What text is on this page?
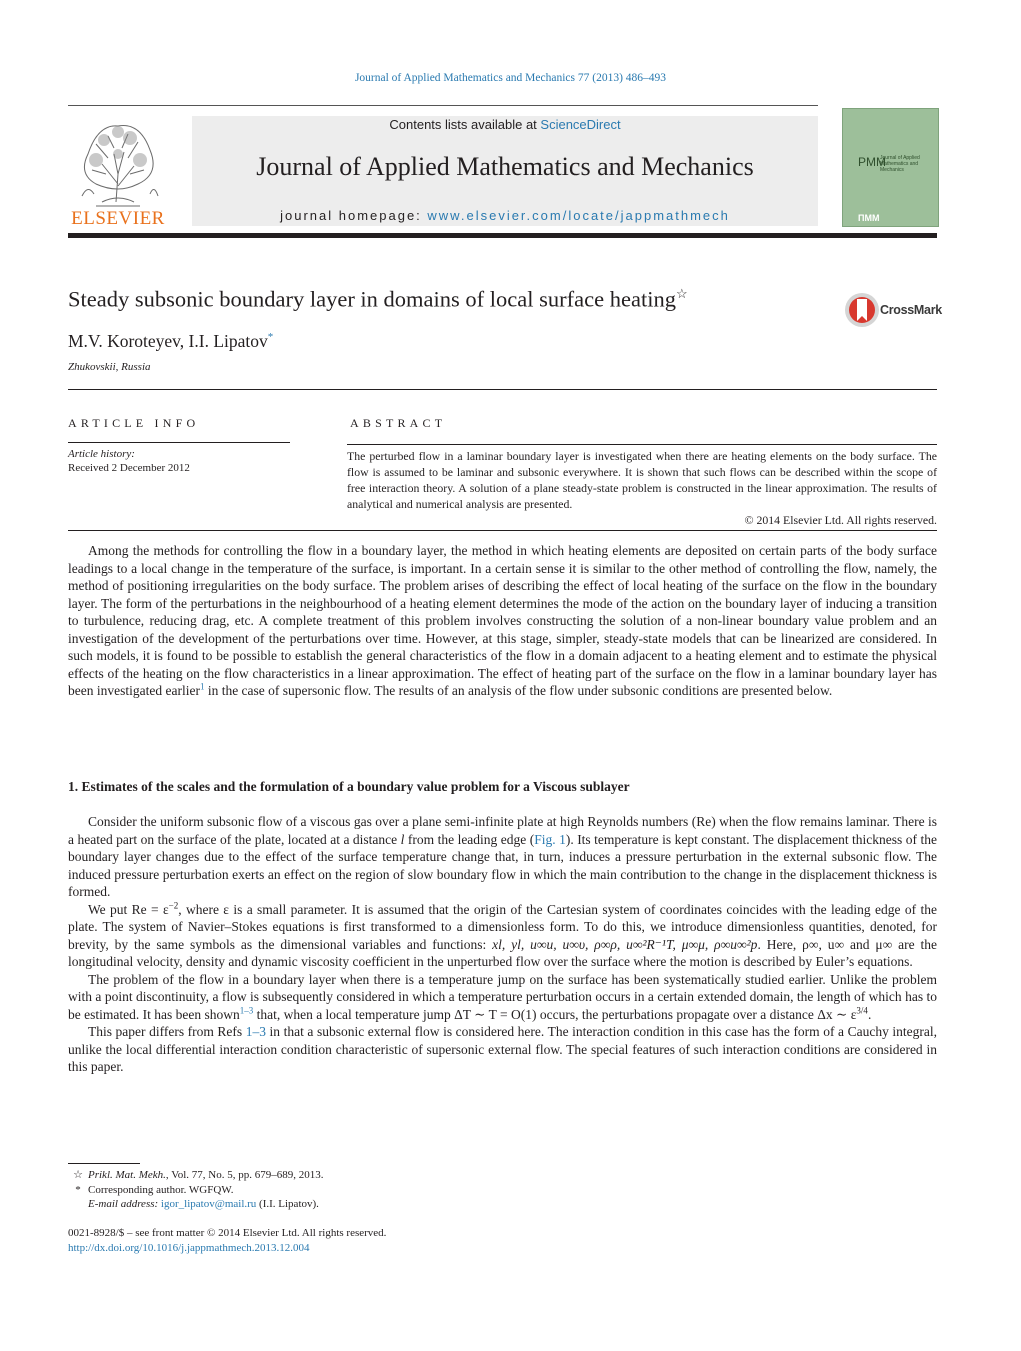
Journal of Applied Mathematics and Mechanics 77 (2013) 486–493
ELSEVIER
Contents lists available at ScienceDirect
Journal of Applied Mathematics and Mechanics
journal homepage: www.elsevier.com/locate/jappmathmech
PMM
Journal of Applied Mathematics and Mechanics
ПММ
Steady subsonic boundary layer in domains of local surface heating☆
CrossMark
M.V. Koroteyev, I.I. Lipatov*
Zhukovskii, Russia
ARTICLE INFO	ABSTRACT
Article history:
Received 2 December 2012

The perturbed flow in a laminar boundary layer is investigated when there are heating elements on the body surface. The flow is assumed to be laminar and subsonic everywhere. It is shown that such flows can be described within the scope of free interaction theory. A solution of a plane steady-state problem is constructed in the linear approximation. The results of analytical and numerical analysis are presented.

© 2014 Elsevier Ltd. All rights reserved.

Among the methods for controlling the flow in a boundary layer, the method in which heating elements are deposited on certain parts of the body surface leadings to a local change in the temperature of the surface, is important. In a certain sense it is similar to the other method of controlling the flow, namely, the method of positioning irregularities on the body surface. The problem arises of describing the effect of local heating of the surface on the flow in the boundary layer. The form of the perturbations in the neighbourhood of a heating element determines the mode of the action on the boundary layer of inducing a transition to turbulence, reducing drag, etc. A complete treatment of this problem involves constructing the solution of a non-linear boundary value problem and an investigation of the development of the perturbations over time. However, at this stage, simpler, steady-state models that can be linearized are considered. In such models, it is found to be possible to establish the general characteristics of the flow in a domain adjacent to a heating element and to estimate the physical effects of the heating on the flow characteristics in a linear approximation. The effect of heating part of the surface on the flow in a laminar boundary layer has been investigated earlier$^1$ in the case of supersonic flow. The results of an analysis of the flow under subsonic conditions are presented below.

1. Estimates of the scales and the formulation of a boundary value problem for a Viscous sublayer

Consider the uniform subsonic flow of a viscous gas over a plane semi-infinite plate at high Reynolds numbers (Re) when the flow remains laminar. There is a heated part on the surface of the plate, located at a distance l from the leading edge (Fig. 1). Its temperature is kept constant. The displacement thickness of the boundary layer changes due to the effect of the surface temperature change that, in turn, induces a pressure perturbation in the external subsonic flow. The induced pressure perturbation exerts an effect on the region of slow boundary flow in which the main contribution to the change in the displacement thickness is formed.

We put $Re = \varepsilon^{-2}$, where ε is a small parameter. It is assumed that the origin of the Cartesian system of coordinates coincides with the leading edge of the plate. The system of Navier–Stokes equations is first transformed to a dimensionless form. To do this, we introduce dimensionless quantities, denoted, for brevity, by the same symbols as the dimensional variables and functions: xl, yl, u∞u, u∞υ, ρ∞ρ, u∞²R⁻¹T, μ∞μ, ρ∞u∞²p. Here, ρ∞, u∞ and μ∞ are the longitudinal velocity, density and dynamic viscosity coefficient in the unperturbed flow over the surface where the motion is described by Euler’s equations.

The problem of the flow in a boundary layer when there is a temperature jump on the surface has been systematically studied earlier. Unlike the problem with a point discontinuity, a flow is subsequently considered in which a temperature perturbation occurs in a certain extended domain, the length of which has to be estimated. It has been shown$^{1-3}$ that, when a local temperature jump ΔT ∼ T = O(1) occurs, the perturbations propagate over a distance Δx ∼ $\varepsilon^{3/4}$.

This paper differs from Refs 1–3 in that a subsonic external flow is considered here. The interaction condition in this case has the form of a Cauchy integral, unlike the local differential interaction condition characteristic of supersonic external flow. The special features of such interaction conditions are considered in this paper.

☆ Prikl. Mat. Mekh., Vol. 77, No. 5, pp. 679–689, 2013.
* Corresponding author. WGFQW.
E-mail address: igor_lipatov@mail.ru (I.I. Lipatov).
0021-8928/$ – see front matter © 2014 Elsevier Ltd. All rights reserved.
http://dx.doi.org/10.1016/j.jappmathmech.2013.12.004
